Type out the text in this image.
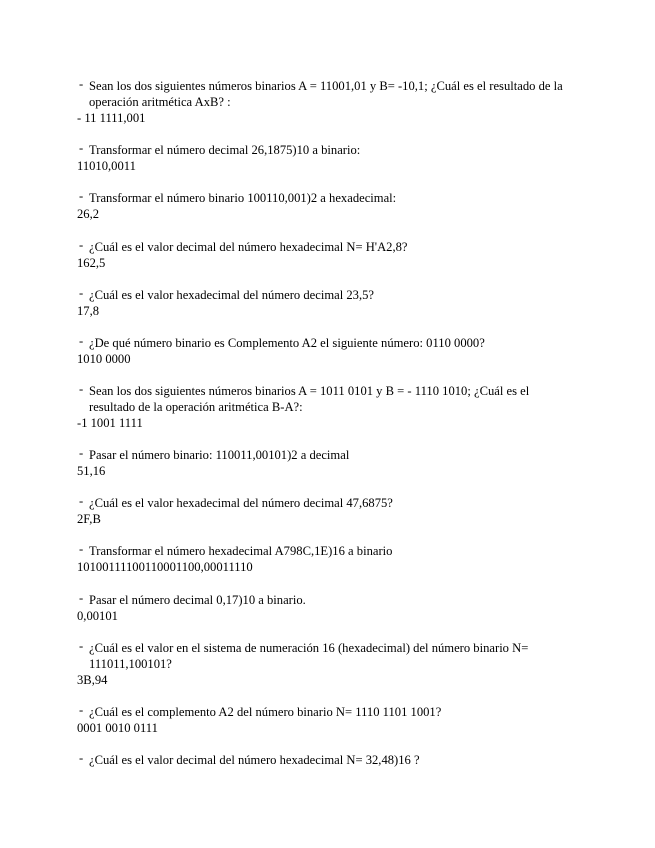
- Sean los dos siguientes números binarios A = 11001,01 y B= -10,1; ¿Cuál es el resultado de la operación aritmética AxB? :
- 11 1111,001
- Transformar el número decimal 26,1875)10 a binario:
11010,0011
- Transformar el número binario 100110,001)2 a hexadecimal:
26,2
- ¿Cuál es el valor decimal del número hexadecimal N= H'A2,8?
162,5
- ¿Cuál es el valor hexadecimal del número decimal 23,5?
17,8
- ¿De qué número binario es Complemento A2 el siguiente número: 0110 0000?
1010 0000
- Sean los dos siguientes números binarios A = 1011 0101 y B = - 1110 1010; ¿Cuál es el resultado de la operación aritmética B-A?:
-1 1001 1111
- Pasar el número binario: 110011,00101)2 a decimal
51,16
- ¿Cuál es el valor hexadecimal del número decimal 47,6875?
2F,B
- Transformar el número hexadecimal A798C,1E)16 a binario
10100111100110001100,00011110
- Pasar el número decimal 0,17)10 a binario.
0,00101
- ¿Cuál es el valor en el sistema de numeración 16 (hexadecimal) del número binario N= 111011,100101?
3B,94
- ¿Cuál es el complemento A2 del número binario N= 1110 1101 1001?
0001 0010 0111
- ¿Cuál es el valor decimal del número hexadecimal N= 32,48)16 ?
